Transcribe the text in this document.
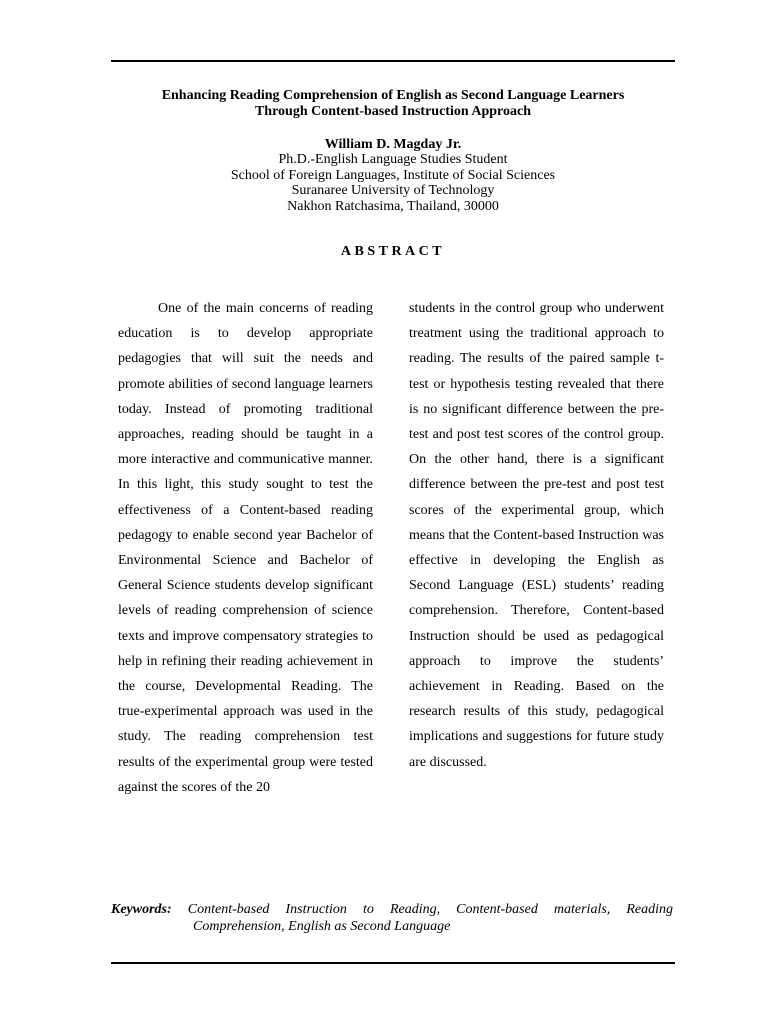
Enhancing Reading Comprehension of English as Second Language Learners
Through Content-based Instruction Approach
William D. Magday Jr.
Ph.D.-English Language Studies Student
School of Foreign Languages, Institute of Social Sciences
Suranaree University of Technology
Nakhon Ratchasima, Thailand, 30000
ABSTRACT

One of the main concerns of reading education is to develop appropriate pedagogies that will suit the needs and promote abilities of second language learners today. Instead of promoting traditional approaches, reading should be taught in a more interactive and communicative manner. In this light, this study sought to test the effectiveness of a Content-based reading pedagogy to enable second year Bachelor of Environmental Science and Bachelor of General Science students develop significant levels of reading comprehension of science texts and improve compensatory strategies to help in refining their reading achievement in the course, Developmental Reading. The true-experimental approach was used in the study. The reading comprehension test results of the experimental group were tested against the scores of the 20

students in the control group who underwent treatment using the traditional approach to reading. The results of the paired sample t-test or hypothesis testing revealed that there is no significant difference between the pre-test and post test scores of the control group. On the other hand, there is a significant difference between the pre-test and post test scores of the experimental group, which means that the Content-based Instruction was effective in developing the English as Second Language (ESL) students’ reading comprehension. Therefore, Content-based Instruction should be used as pedagogical approach to improve the students’ achievement in Reading. Based on the research results of this study, pedagogical implications and suggestions for future study are discussed.

Keywords: Content-based Instruction to Reading, Content-based materials, Reading
Comprehension, English as Second Language
